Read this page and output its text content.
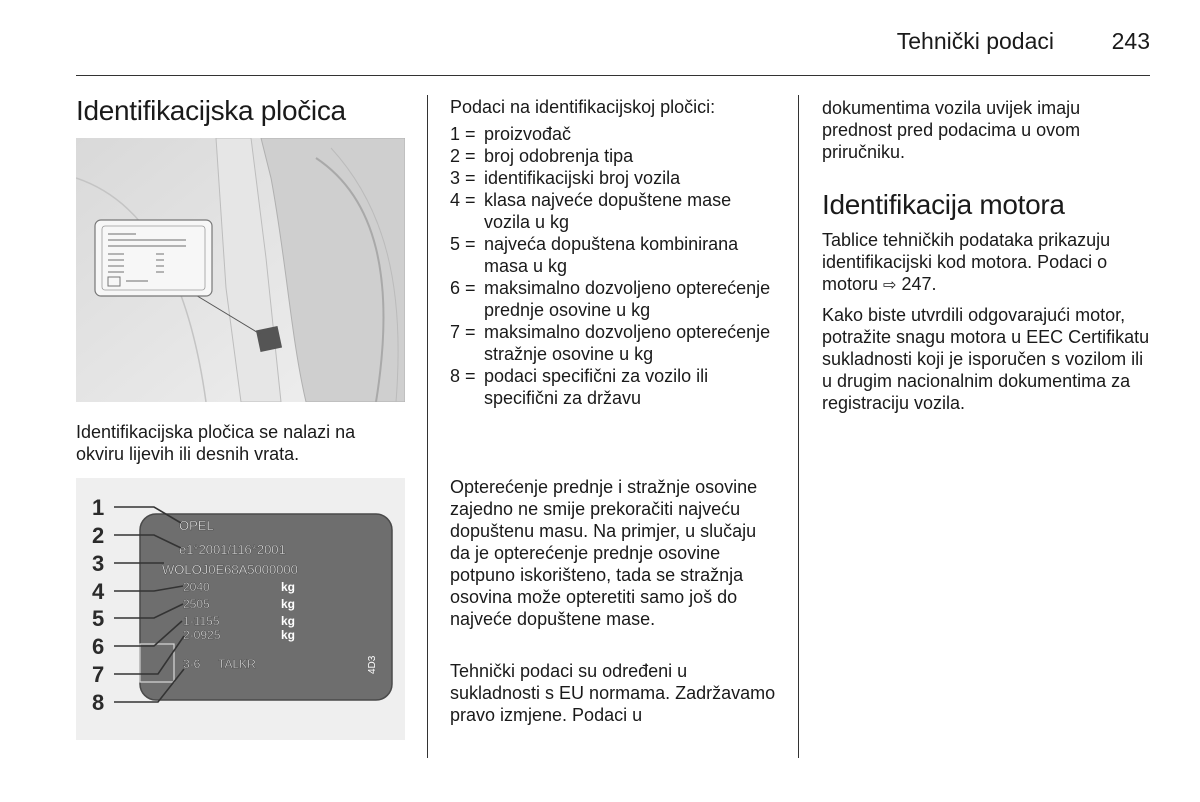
Tehnički podaci	243
Identifikacijska pločica

Identifikacijska pločica se nalazi na okviru lijevih ili desnih vrata.

OPEL
e1*2001/116*2001
WOLOJ0E68A5000000
2040
2505
1-1155
2-0925
3-6 TALKR
kg
kg
kg
kg
4D3
1
2
3
4
5
6
7
8

Podaci na identifikacijskoj pločici:

1 = proizvođač
2 = broj odobrenja tipa
3 = identifikacijski broj vozila
4 = klasa najveće dopuštene mase vozila u kg
5 = najveća dopuštena kombinirana masa u kg
6 = maksimalno dozvoljeno opterećenje prednje osovine u kg
7 = maksimalno dozvoljeno opterećenje stražnje osovine u kg
8 = podaci specifični za vozilo ili specifični za državu

Opterećenje prednje i stražnje osovine zajedno ne smije prekoračiti najveću dopuštenu masu. Na primjer, u slučaju da je opterećenje prednje osovine potpuno iskorišteno, tada se stražnja osovina može opteretiti samo još do najveće dopuštene mase.

Tehnički podaci su određeni u sukladnosti s EU normama. Zadržavamo pravo izmjene. Podaci u

dokumentima vozila uvijek imaju prednost pred podacima u ovom priručniku.

Identifikacija motora

Tablice tehničkih podataka prikazuju identifikacijski kod motora. Podaci o motoru ⇨ 247.

Kako biste utvrdili odgovarajući motor, potražite snagu motora u EEC Certifikatu sukladnosti koji je isporučen s vozilom ili u drugim nacionalnim dokumentima za registraciju vozila.
